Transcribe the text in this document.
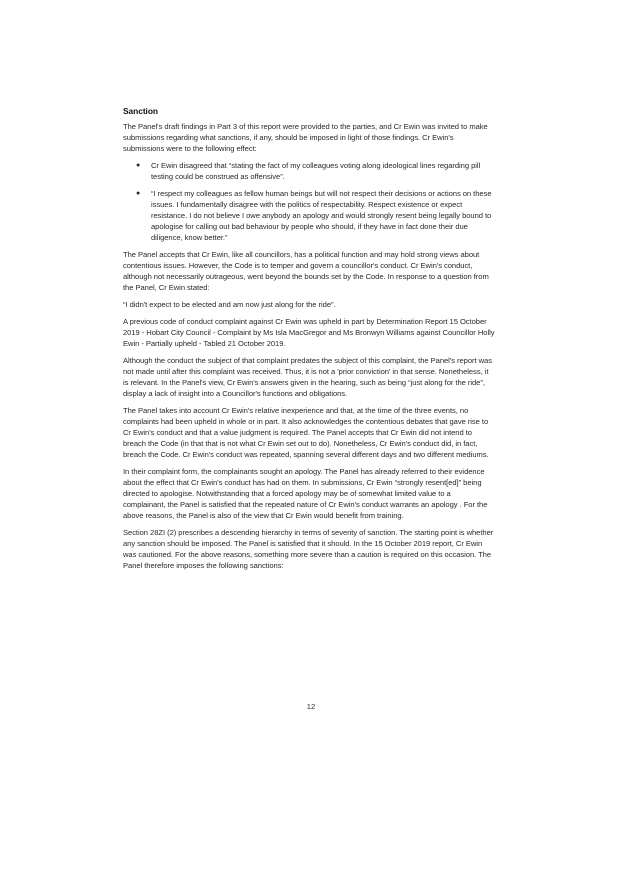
Sanction

The Panel's draft findings in Part 3 of this report were provided to the parties, and Cr Ewin was invited to make submissions regarding what sanctions, if any, should be imposed in light of those findings. Cr Ewin's submissions were to the following effect:

● Cr Ewin disagreed that “stating the fact of my colleagues voting along ideological lines regarding pill testing could be construed as offensive”.
● “I respect my colleagues as fellow human beings but will not respect their decisions or actions on these issues. I fundamentally disagree with the politics of respectability. Respect existence or expect resistance. I do not believe I owe anybody an apology and would strongly resent being legally bound to apologise for calling out bad behaviour by people who should, if they have in fact done their due diligence, know better.”

The Panel accepts that Cr Ewin, like all councillors, has a political function and may hold strong views about contentious issues. However, the Code is to temper and govern a councillor's conduct. Cr Ewin's conduct, although not necessarily outrageous, went beyond the bounds set by the Code. In response to a question from the Panel, Cr Ewin stated:

“I didn't expect to be elected and am now just along for the ride”.

A previous code of conduct complaint against Cr Ewin was upheld in part by Determination Report 15 October 2019 - Hobart City Council - Complaint by Ms Isla MacGregor and Ms Bronwyn Williams against Councillor Holly Ewin - Partially upheld - Tabled 21 October 2019.

Although the conduct the subject of that complaint predates the subject of this complaint, the Panel's report was not made until after this complaint was received. Thus, it is not a 'prior conviction' in that sense. Nonetheless, it is relevant. In the Panel's view, Cr Ewin's answers given in the hearing, such as being “just along for the ride”, display a lack of insight into a Councillor's functions and obligations.

The Panel takes into account Cr Ewin's relative inexperience and that, at the time of the three events, no complaints had been upheld in whole or in part. It also acknowledges the contentious debates that gave rise to Cr Ewin's conduct and that a value judgment is required. The Panel accepts that Cr Ewin did not intend to breach the Code (in that that is not what Cr Ewin set out to do). Nonetheless, Cr Ewin's conduct did, in fact, breach the Code. Cr Ewin's conduct was repeated, spanning several different days and two different mediums.

In their complaint form, the complainants sought an apology. The Panel has already referred to their evidence about the effect that Cr Ewin's conduct has had on them. In submissions, Cr Ewin “strongly resent[ed]” being directed to apologise. Notwithstanding that a forced apology may be of somewhat limited value to a complainant, the Panel is satisfied that the repeated nature of Cr Ewin's conduct warrants an apology . For the above reasons, the Panel is also of the view that Cr Ewin would benefit from training.

Section 28ZI (2) prescribes a descending hierarchy in terms of severity of sanction. The starting point is whether any sanction should be imposed. The Panel is satisfied that it should. In the 15 October 2019 report, Cr Ewin was cautioned. For the above reasons, something more severe than a caution is required on this occasion. The Panel therefore imposes the following sanctions:

12
